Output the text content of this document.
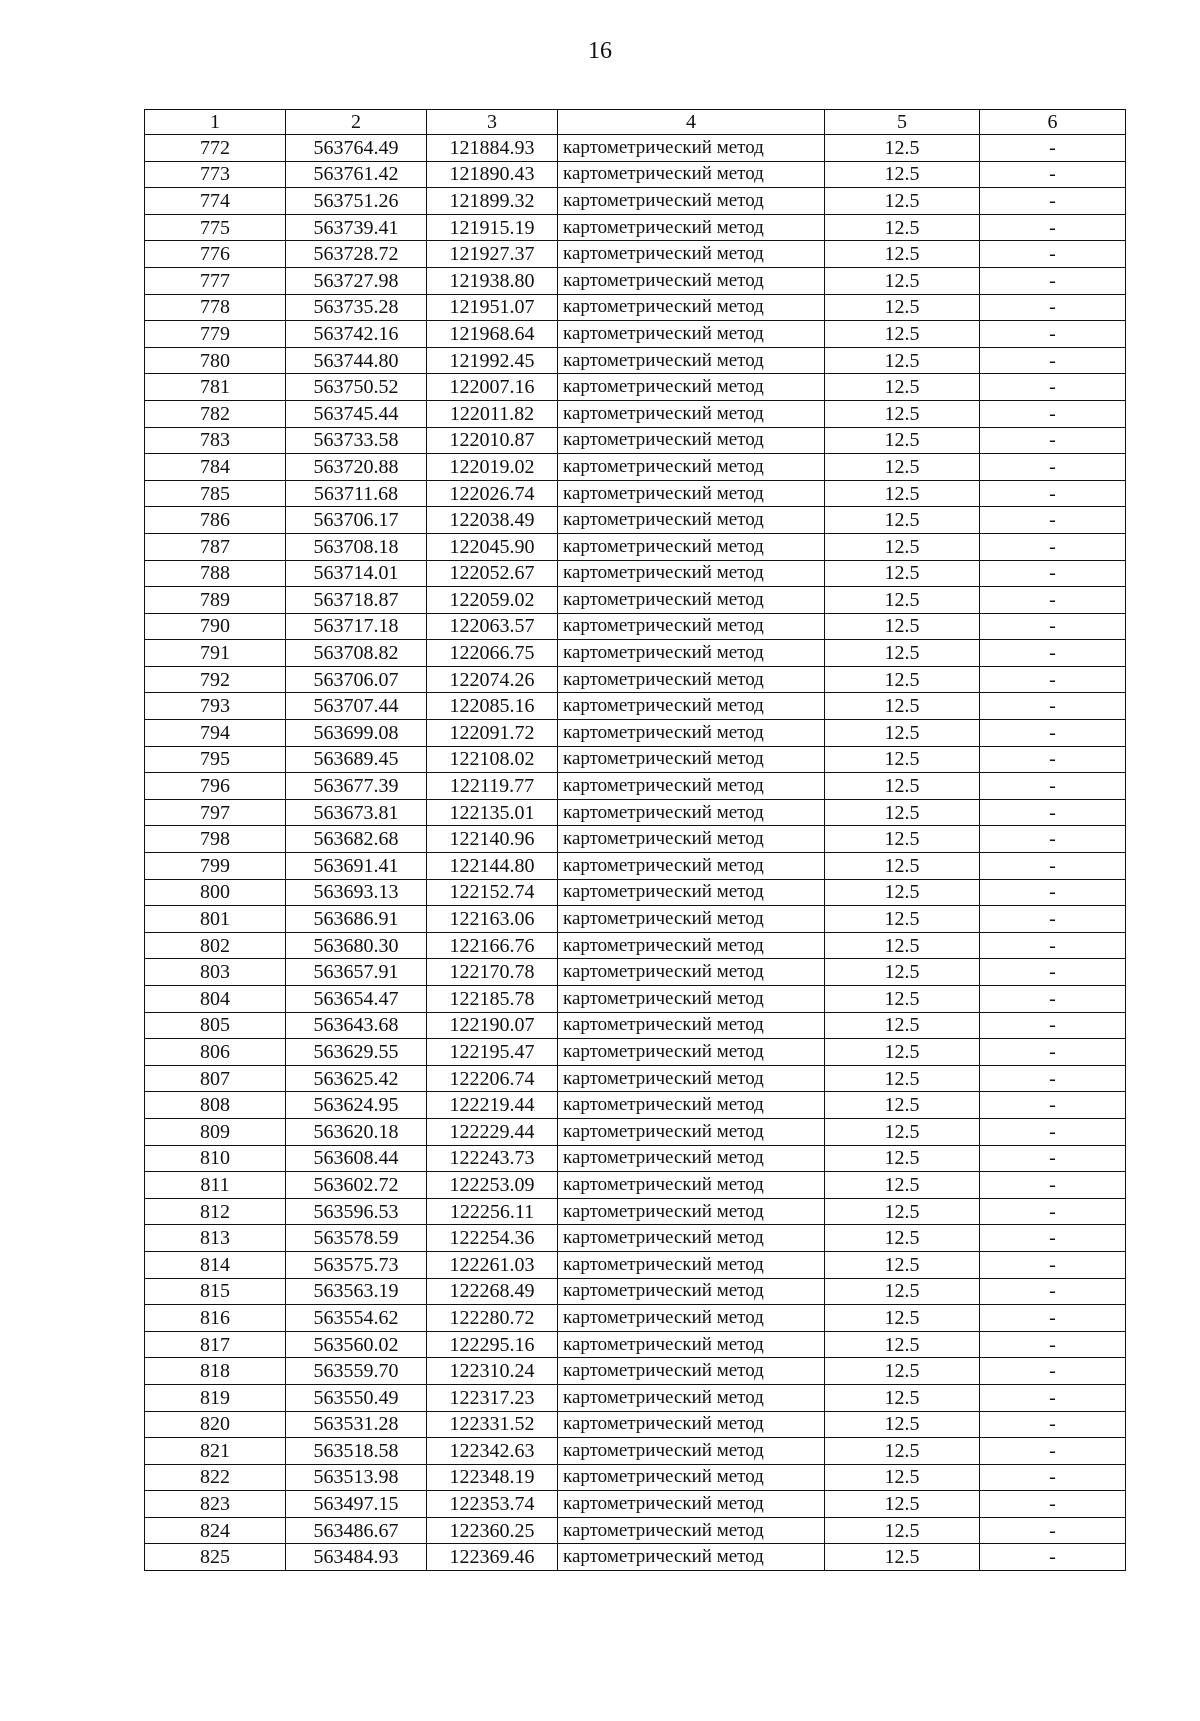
16
1	2	3	4	5	6
772	563764.49	121884.93	картометрический метод	12.5	-
773	563761.42	121890.43	картометрический метод	12.5	-
774	563751.26	121899.32	картометрический метод	12.5	-
775	563739.41	121915.19	картометрический метод	12.5	-
776	563728.72	121927.37	картометрический метод	12.5	-
777	563727.98	121938.80	картометрический метод	12.5	-
778	563735.28	121951.07	картометрический метод	12.5	-
779	563742.16	121968.64	картометрический метод	12.5	-
780	563744.80	121992.45	картометрический метод	12.5	-
781	563750.52	122007.16	картометрический метод	12.5	-
782	563745.44	122011.82	картометрический метод	12.5	-
783	563733.58	122010.87	картометрический метод	12.5	-
784	563720.88	122019.02	картометрический метод	12.5	-
785	563711.68	122026.74	картометрический метод	12.5	-
786	563706.17	122038.49	картометрический метод	12.5	-
787	563708.18	122045.90	картометрический метод	12.5	-
788	563714.01	122052.67	картометрический метод	12.5	-
789	563718.87	122059.02	картометрический метод	12.5	-
790	563717.18	122063.57	картометрический метод	12.5	-
791	563708.82	122066.75	картометрический метод	12.5	-
792	563706.07	122074.26	картометрический метод	12.5	-
793	563707.44	122085.16	картометрический метод	12.5	-
794	563699.08	122091.72	картометрический метод	12.5	-
795	563689.45	122108.02	картометрический метод	12.5	-
796	563677.39	122119.77	картометрический метод	12.5	-
797	563673.81	122135.01	картометрический метод	12.5	-
798	563682.68	122140.96	картометрический метод	12.5	-
799	563691.41	122144.80	картометрический метод	12.5	-
800	563693.13	122152.74	картометрический метод	12.5	-
801	563686.91	122163.06	картометрический метод	12.5	-
802	563680.30	122166.76	картометрический метод	12.5	-
803	563657.91	122170.78	картометрический метод	12.5	-
804	563654.47	122185.78	картометрический метод	12.5	-
805	563643.68	122190.07	картометрический метод	12.5	-
806	563629.55	122195.47	картометрический метод	12.5	-
807	563625.42	122206.74	картометрический метод	12.5	-
808	563624.95	122219.44	картометрический метод	12.5	-
809	563620.18	122229.44	картометрический метод	12.5	-
810	563608.44	122243.73	картометрический метод	12.5	-
811	563602.72	122253.09	картометрический метод	12.5	-
812	563596.53	122256.11	картометрический метод	12.5	-
813	563578.59	122254.36	картометрический метод	12.5	-
814	563575.73	122261.03	картометрический метод	12.5	-
815	563563.19	122268.49	картометрический метод	12.5	-
816	563554.62	122280.72	картометрический метод	12.5	-
817	563560.02	122295.16	картометрический метод	12.5	-
818	563559.70	122310.24	картометрический метод	12.5	-
819	563550.49	122317.23	картометрический метод	12.5	-
820	563531.28	122331.52	картометрический метод	12.5	-
821	563518.58	122342.63	картометрический метод	12.5	-
822	563513.98	122348.19	картометрический метод	12.5	-
823	563497.15	122353.74	картометрический метод	12.5	-
824	563486.67	122360.25	картометрический метод	12.5	-
825	563484.93	122369.46	картометрический метод	12.5	-
